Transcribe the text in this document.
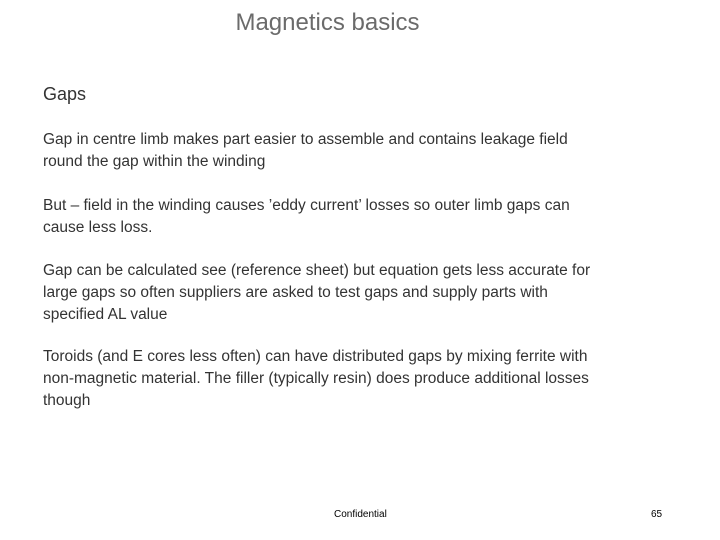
Magnetics basics
Gaps

Gap in centre limb makes part easier to assemble and contains leakage field
round the gap within the winding

But – field in the winding causes ’eddy current’ losses so outer limb gaps can
cause less loss.

Gap can be calculated see (reference sheet) but equation gets less accurate for
large gaps so often suppliers are asked to test gaps and supply parts with
specified AL value

Toroids (and E cores less often) can have distributed gaps by mixing ferrite with
non-magnetic material. The filler (typically resin) does produce additional losses
though

Confidential	65
